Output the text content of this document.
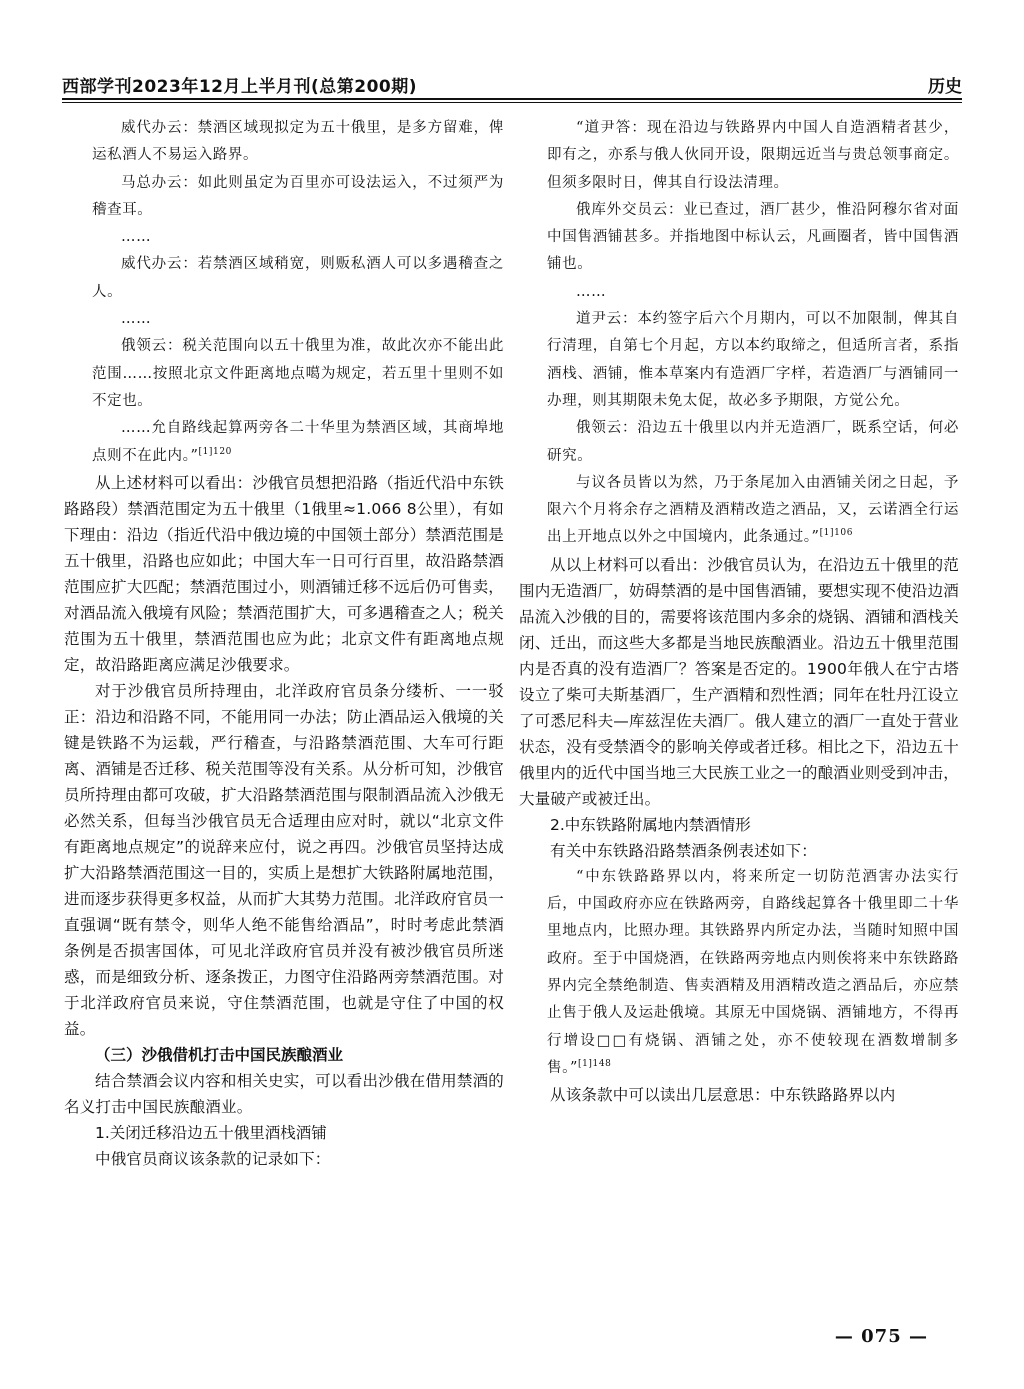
西部学刊2023年12月上半月刊(总第200期)	历史

威代办云：禁酒区域现拟定为五十俄里，是多方留难，俾运私酒人不易运入路界。

马总办云：如此则虽定为百里亦可设法运入，不过须严为稽查耳。

……

威代办云：若禁酒区域稍宽，则贩私酒人可以多遇稽查之人。

……

俄领云：税关范围向以五十俄里为准，故此次亦不能出此范围……按照北京文件距离地点噶为规定，若五里十里则不如不定也。

……允自路线起算两旁各二十华里为禁酒区域，其商埠地点则不在此内。”$^{[1]120}$

从上述材料可以看出：沙俄官员想把沿路（指近代沿中东铁路路段）禁酒范围定为五十俄里（1俄里≈1.066 8公里），有如下理由：沿边（指近代沿中俄边境的中国领土部分）禁酒范围是五十俄里，沿路也应如此；中国大车一日可行百里，故沿路禁酒范围应扩大匹配；禁酒范围过小，则酒铺迁移不远后仍可售卖，对酒品流入俄境有风险；禁酒范围扩大，可多遇稽查之人；税关范围为五十俄里，禁酒范围也应为此；北京文件有距离地点规定，故沿路距离应满足沙俄要求。

对于沙俄官员所持理由，北洋政府官员条分缕析、一一驳正：沿边和沿路不同，不能用同一办法；防止酒品运入俄境的关键是铁路不为运载，严行稽查，与沿路禁酒范围、大车可行距离、酒铺是否迁移、税关范围等没有关系。从分析可知，沙俄官员所持理由都可攻破，扩大沿路禁酒范围与限制酒品流入沙俄无必然关系，但每当沙俄官员无合适理由应对时，就以“北京文件有距离地点规定”的说辞来应付，说之再四。沙俄官员坚持达成扩大沿路禁酒范围这一目的，实质上是想扩大铁路附属地范围，进而逐步获得更多权益，从而扩大其势力范围。北洋政府官员一直强调“既有禁令，则华人绝不能售给酒品”，时时考虑此禁酒条例是否损害国体，可见北洋政府官员并没有被沙俄官员所迷惑，而是细致分析、逐条拨正，力图守住沿路两旁禁酒范围。对于北洋政府官员来说，守住禁酒范围，也就是守住了中国的权益。

（三）沙俄借机打击中国民族酿酒业

结合禁酒会议内容和相关史实，可以看出沙俄在借用禁酒的名义打击中国民族酿酒业。

1.关闭迁移沿边五十俄里酒栈酒铺

中俄官员商议该条款的记录如下：

“道尹答：现在沿边与铁路界内中国人自造酒精者甚少，即有之，亦系与俄人伙同开设，限期远近当与贵总领事商定。但须多限时日，俾其自行设法清理。

俄库外交员云：业已查过，酒厂甚少，惟沿阿穆尔省对面中国售酒铺甚多。并指地图中标认云，凡画圈者，皆中国售酒铺也。

……

道尹云：本约签字后六个月期内，可以不加限制，俾其自行清理，自第七个月起，方以本约取缔之，但适所言者，系指酒栈、酒铺，惟本草案内有造酒厂字样，若造酒厂与酒铺同一办理，则其期限未免太促，故必多予期限，方觉公允。

俄领云：沿边五十俄里以内并无造酒厂，既系空话，何必研究。

与议各员皆以为然，乃于条尾加入由酒铺关闭之日起，予限六个月将余存之酒精及酒精改造之酒品，又，云诺酒全行运出上开地点以外之中国境内，此条通过。”$^{[1]106}$

从以上材料可以看出：沙俄官员认为，在沿边五十俄里的范围内无造酒厂，妨碍禁酒的是中国售酒铺，要想实现不使沿边酒品流入沙俄的目的，需要将该范围内多余的烧锅、酒铺和酒栈关闭、迁出，而这些大多都是当地民族酿酒业。沿边五十俄里范围内是否真的没有造酒厂？答案是否定的。1900年俄人在宁古塔设立了柴可夫斯基酒厂，生产酒精和烈性酒；同年在牡丹江设立了可悉尼科夫—库兹涅佐夫酒厂。俄人建立的酒厂一直处于营业状态，没有受禁酒令的影响关停或者迁移。相比之下，沿边五十俄里内的近代中国当地三大民族工业之一的酿酒业则受到冲击，大量破产或被迁出。

2.中东铁路附属地内禁酒情形

有关中东铁路沿路禁酒条例表述如下：

“中东铁路路界以内，将来所定一切防范酒害办法实行后，中国政府亦应在铁路两旁，自路线起算各十俄里即二十华里地点内，比照办理。其铁路界内所定办法，当随时知照中国政府。至于中国烧酒，在铁路两旁地点内则俟将来中东铁路路界内完全禁绝制造、售卖酒精及用酒精改造之酒品后，亦应禁止售于俄人及运赴俄境。其原无中国烧锅、酒铺地方，不得再行增设□□有烧锅、酒铺之处，亦不使较现在酒数增制多售。”$^{[1]148}$

从该条款中可以读出几层意思：中东铁路路界以内

— 075 —
